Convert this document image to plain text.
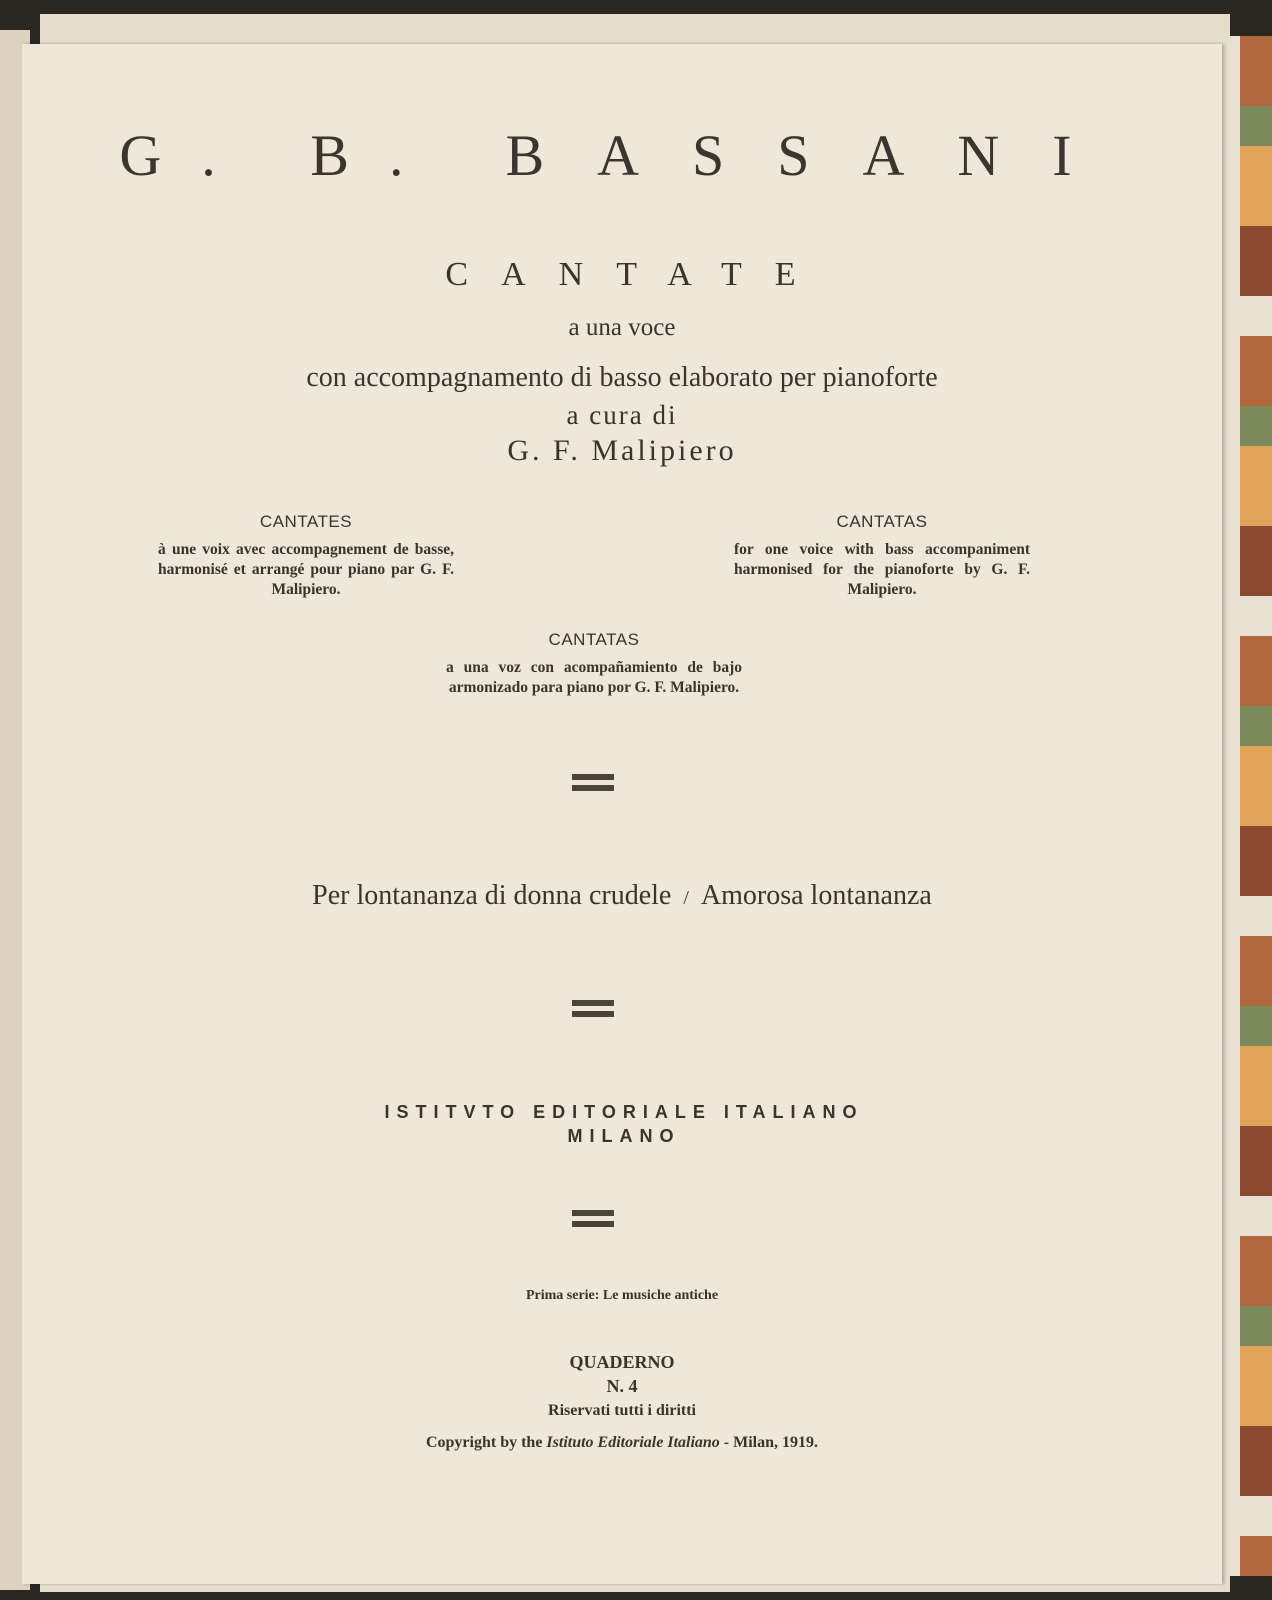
G. B. BASSANI
CANTATE
a una voce
con accompagnamento di basso elaborato per pianoforte
a cura di
G. F. Malipiero
CANTATES
à une voix avec accompagnement de basse, harmonisé et arrangé pour piano par G. F. Malipiero.
CANTATAS
for one voice with bass accompaniment harmonised for the pianoforte by G. F. Malipiero.
CANTATAS
a una voz con acompañamiento de bajo armonizado para piano por G. F. Malipiero.
Per lontananza di donna crudele / Amorosa lontananza
ISTITVTO EDITORIALE ITALIANO
MILANO
Prima serie: Le musiche antiche
QUADERNO
N. 4
Riservati tutti i diritti
Copyright by the Istituto Editoriale Italiano - Milan, 1919.
